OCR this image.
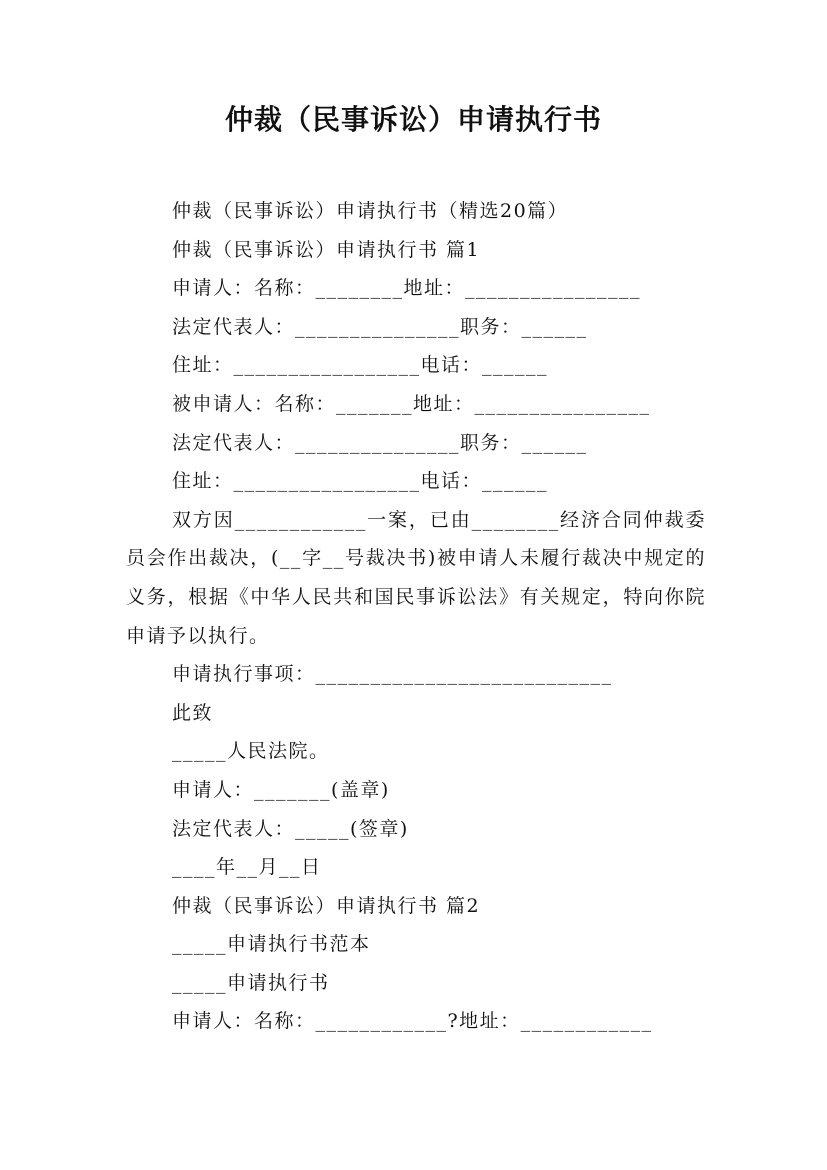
仲裁（民事诉讼）申请执行书
仲裁（民事诉讼）申请执行书（精选20篇）
仲裁（民事诉讼）申请执行书 篇1
申请人：名称：________地址：________________
法定代表人：_______________职务：______
住址：_________________电话：______
被申请人：名称：_______地址：________________
法定代表人：_______________职务：______
住址：_________________电话：______
双方因____________一案，已由________经济合同仲裁委员会作出裁决，(__字__号裁决书)被申请人未履行裁决中规定的义务，根据《中华人民共和国民事诉讼法》有关规定，特向你院申请予以执行。
申请执行事项：___________________________
此致
_____人民法院。
申请人：_______(盖章)
法定代表人：_____(签章)
____年__月__日
仲裁（民事诉讼）申请执行书 篇2
_____申请执行书范本
_____申请执行书
申请人：名称：____________?地址：____________
